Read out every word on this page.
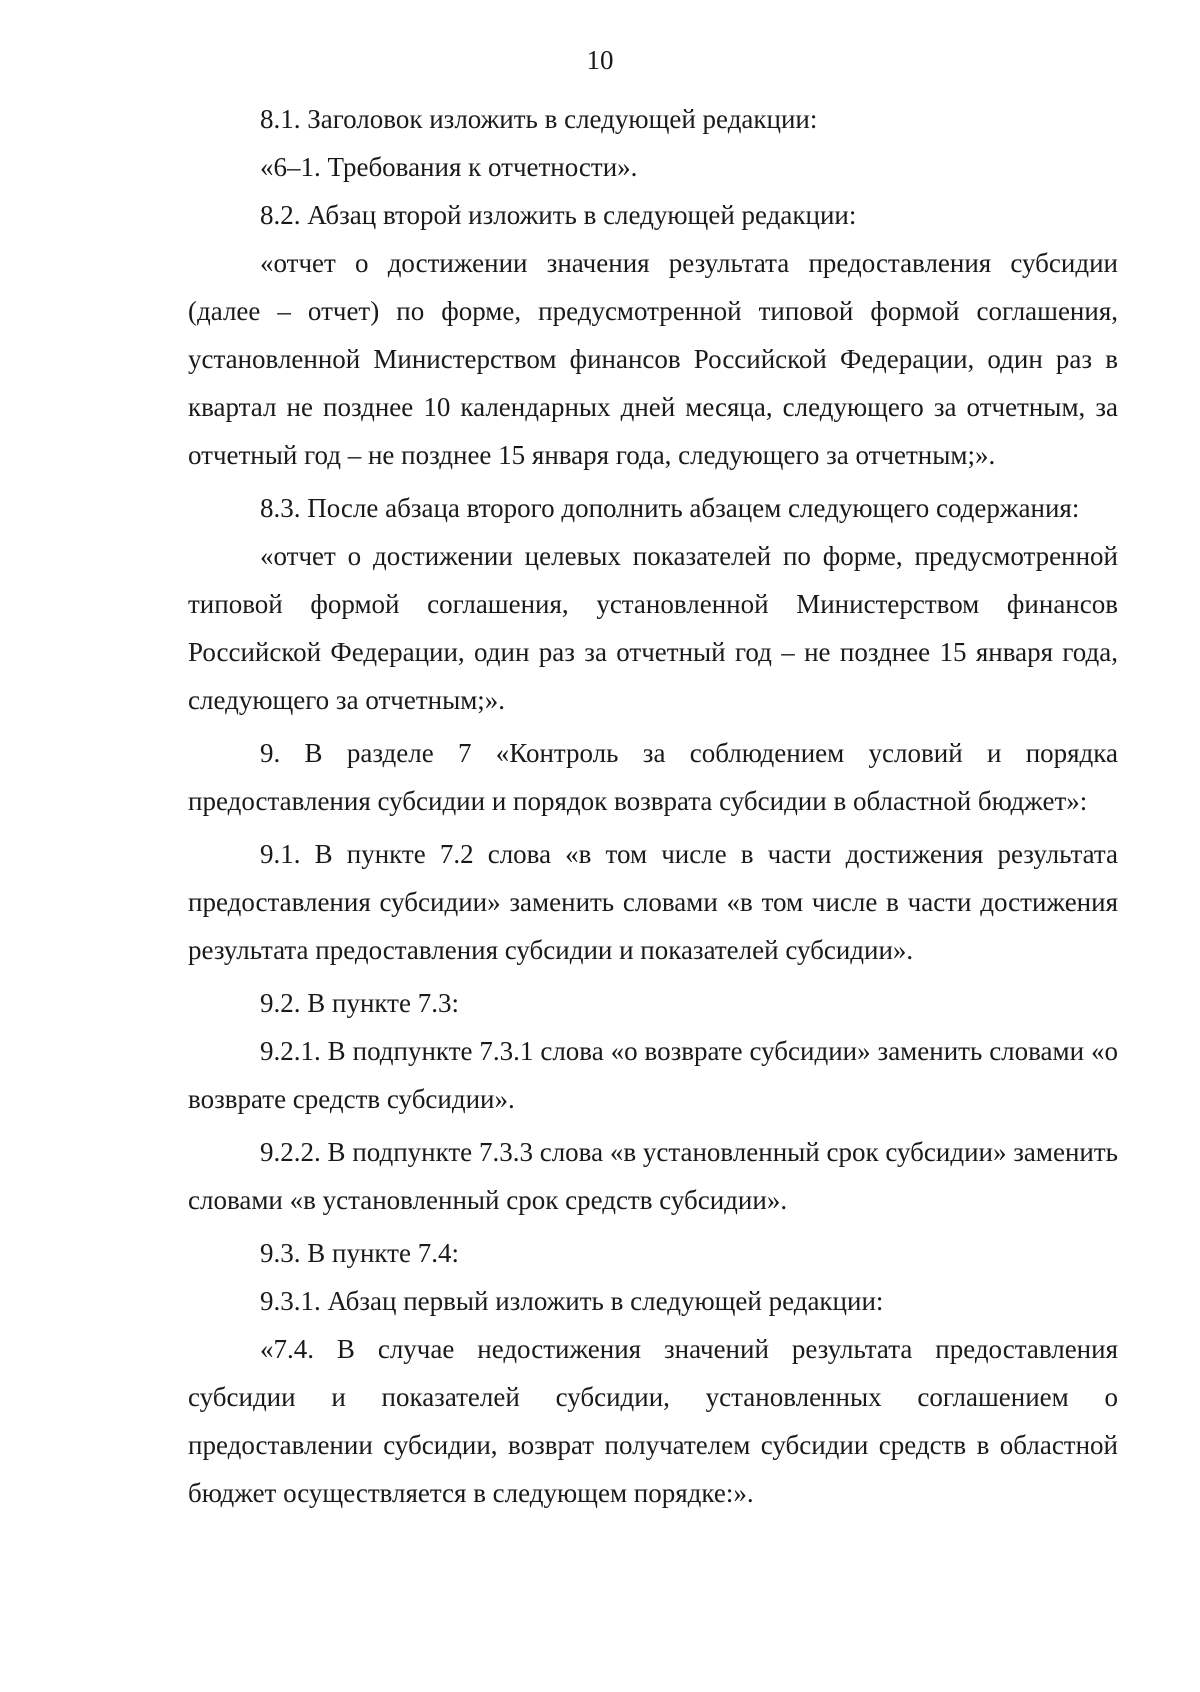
10

8.1. Заголовок изложить в следующей редакции:

«6–1. Требования к отчетности».

8.2. Абзац второй изложить в следующей редакции:

«отчет о достижении значения результата предоставления субсидии (далее – отчет) по форме, предусмотренной типовой формой соглашения, установленной Министерством финансов Российской Федерации, один раз в квартал не позднее 10 календарных дней месяца, следующего за отчетным, за отчетный год – не позднее 15 января года, следующего за отчетным;».

8.3. После абзаца второго дополнить абзацем следующего содержания:

«отчет о достижении целевых показателей по форме, предусмотренной типовой формой соглашения, установленной Министерством финансов Российской Федерации, один раз за отчетный год – не позднее 15 января года, следующего за отчетным;».

9. В разделе 7 «Контроль за соблюдением условий и порядка предоставления субсидии и порядок возврата субсидии в областной бюджет»:

9.1. В пункте 7.2 слова «в том числе в части достижения результата предоставления субсидии» заменить словами «в том числе в части достижения результата предоставления субсидии и показателей субсидии».

9.2. В пункте 7.3:

9.2.1. В подпункте 7.3.1 слова «о возврате субсидии» заменить словами «о возврате средств субсидии».

9.2.2. В подпункте 7.3.3 слова «в установленный срок субсидии» заменить словами «в установленный срок средств субсидии».

9.3. В пункте 7.4:

9.3.1. Абзац первый изложить в следующей редакции:

«7.4. В случае недостижения значений результата предоставления субсидии и показателей субсидии, установленных соглашением о предоставлении субсидии, возврат получателем субсидии средств в областной бюджет осуществляется в следующем порядке:».
